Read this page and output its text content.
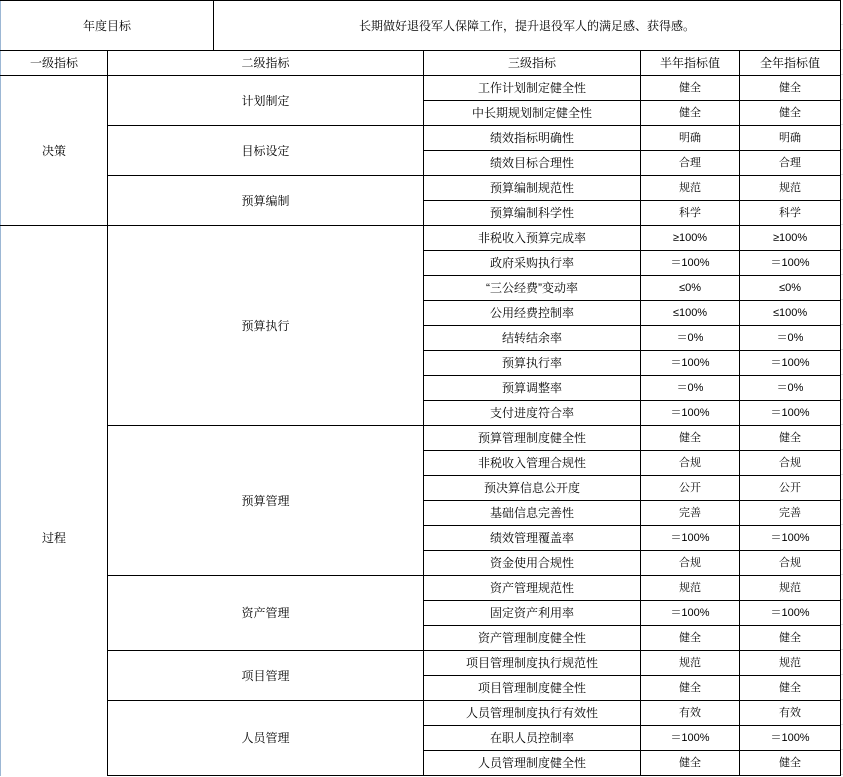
年度目标		长期做好退役军人保障工作，提升退役军人的满足感、获得感。			
一级指标	二级指标		三级指标	半年指标值	全年指标值
决策	计划制定		工作计划制定健全性	健全	健全
			中长期规划制定健全性	健全	健全
	目标设定		绩效指标明确性	明确	明确
			绩效目标合理性	合理	合理
	预算编制		预算编制规范性	规范	规范
			预算编制科学性	科学	科学
过程	预算执行		非税收入预算完成率	≥100%	≥100%
			政府采购执行率	＝100%	＝100%
			“三公经费”变动率	≤0%	≤0%
			公用经费控制率	≤100%	≤100%
			结转结余率	＝0%	＝0%
			预算执行率	＝100%	＝100%
			预算调整率	＝0%	＝0%
			支付进度符合率	＝100%	＝100%
	预算管理		预算管理制度健全性	健全	健全
			非税收入管理合规性	合规	合规
			预决算信息公开度	公开	公开
			基础信息完善性	完善	完善
			绩效管理覆盖率	＝100%	＝100%
			资金使用合规性	合规	合规
	资产管理		资产管理规范性	规范	规范
			固定资产利用率	＝100%	＝100%
			资产管理制度健全性	健全	健全
	项目管理		项目管理制度执行规范性	规范	规范
			项目管理制度健全性	健全	健全
	人员管理		人员管理制度执行有效性	有效	有效
			在职人员控制率	＝100%	＝100%
			人员管理制度健全性	健全	健全
